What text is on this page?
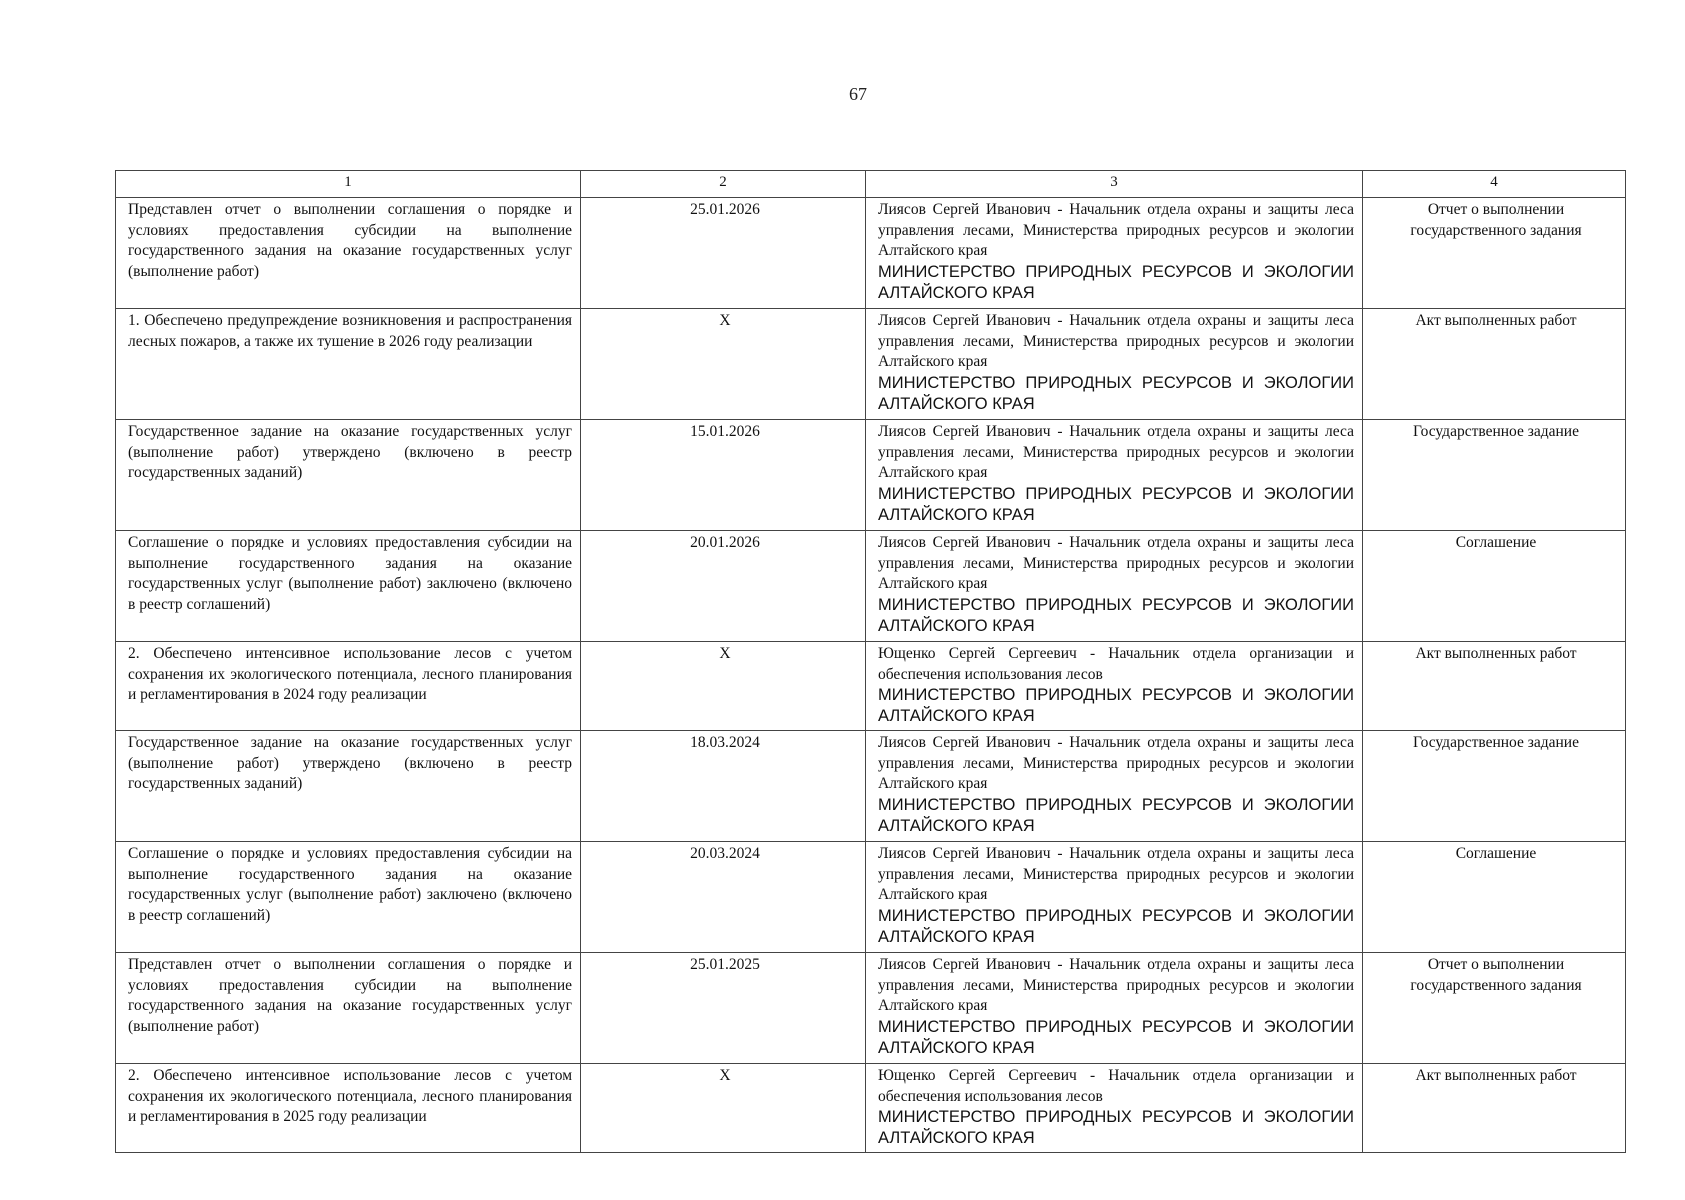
67
1	2	3	4
Представлен отчет о выполнении соглашения о порядке и условиях предоставления субсидии на выполнение государственного задания на оказание государственных услуг (выполнение работ)	25.01.2026	Лиясов Сергей Иванович - Начальник отдела охраны и защиты леса управления лесами, Министерства природных ресурсов и экологии Алтайского края
МИНИСТЕРСТВО ПРИРОДНЫХ РЕСУРСОВ И ЭКОЛОГИИ АЛТАЙСКОГО КРАЯ	Отчет о выполнении государственного задания
1. Обеспечено предупреждение возникновения и распространения лесных пожаров, а также их тушение в 2026 году реализации	X	Лиясов Сергей Иванович - Начальник отдела охраны и защиты леса управления лесами, Министерства природных ресурсов и экологии Алтайского края
МИНИСТЕРСТВО ПРИРОДНЫХ РЕСУРСОВ И ЭКОЛОГИИ АЛТАЙСКОГО КРАЯ	Акт выполненных работ
Государственное задание на оказание государственных услуг (выполнение работ) утверждено (включено в реестр государственных заданий)	15.01.2026	Лиясов Сергей Иванович - Начальник отдела охраны и защиты леса управления лесами, Министерства природных ресурсов и экологии Алтайского края
МИНИСТЕРСТВО ПРИРОДНЫХ РЕСУРСОВ И ЭКОЛОГИИ АЛТАЙСКОГО КРАЯ	Государственное задание
Соглашение о порядке и условиях предоставления субсидии на выполнение государственного задания на оказание государственных услуг (выполнение работ) заключено (включено в реестр соглашений)	20.01.2026	Лиясов Сергей Иванович - Начальник отдела охраны и защиты леса управления лесами, Министерства природных ресурсов и экологии Алтайского края
МИНИСТЕРСТВО ПРИРОДНЫХ РЕСУРСОВ И ЭКОЛОГИИ АЛТАЙСКОГО КРАЯ	Соглашение
2. Обеспечено интенсивное использование лесов с учетом сохранения их экологического потенциала, лесного планирования и регламентирования в 2024 году реализации	X	Ющенко Сергей Сергеевич - Начальник отдела организации и обеспечения использования лесов
МИНИСТЕРСТВО ПРИРОДНЫХ РЕСУРСОВ И ЭКОЛОГИИ АЛТАЙСКОГО КРАЯ	Акт выполненных работ
Государственное задание на оказание государственных услуг (выполнение работ) утверждено (включено в реестр государственных заданий)	18.03.2024	Лиясов Сергей Иванович - Начальник отдела охраны и защиты леса управления лесами, Министерства природных ресурсов и экологии Алтайского края
МИНИСТЕРСТВО ПРИРОДНЫХ РЕСУРСОВ И ЭКОЛОГИИ АЛТАЙСКОГО КРАЯ	Государственное задание
Соглашение о порядке и условиях предоставления субсидии на выполнение государственного задания на оказание государственных услуг (выполнение работ) заключено (включено в реестр соглашений)	20.03.2024	Лиясов Сергей Иванович - Начальник отдела охраны и защиты леса управления лесами, Министерства природных ресурсов и экологии Алтайского края
МИНИСТЕРСТВО ПРИРОДНЫХ РЕСУРСОВ И ЭКОЛОГИИ АЛТАЙСКОГО КРАЯ	Соглашение
Представлен отчет о выполнении соглашения о порядке и условиях предоставления субсидии на выполнение государственного задания на оказание государственных услуг (выполнение работ)	25.01.2025	Лиясов Сергей Иванович - Начальник отдела охраны и защиты леса управления лесами, Министерства природных ресурсов и экологии Алтайского края
МИНИСТЕРСТВО ПРИРОДНЫХ РЕСУРСОВ И ЭКОЛОГИИ АЛТАЙСКОГО КРАЯ	Отчет о выполнении государственного задания
2. Обеспечено интенсивное использование лесов с учетом сохранения их экологического потенциала, лесного планирования и регламентирования в 2025 году реализации	X	Ющенко Сергей Сергеевич - Начальник отдела организации и обеспечения использования лесов
МИНИСТЕРСТВО ПРИРОДНЫХ РЕСУРСОВ И ЭКОЛОГИИ АЛТАЙСКОГО КРАЯ	Акт выполненных работ
